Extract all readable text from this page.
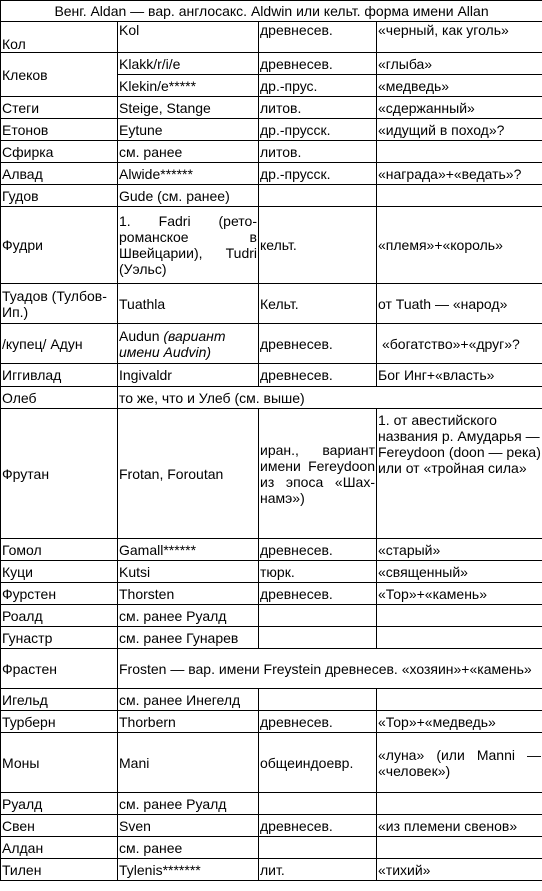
Венг. Aldan — вар. англосакс. Aldwin или кельт. форма имени Allan			
Кол	Kol	древнесев.	«черный, как уголь»
Клеков	Klakk/r/i/e	древнесев.	«глыба»
	Klekin/e*****	др.-прус.	«медведь»
Стеги	Steige, Stange	литов.	«сдержанный»
Етонов	Eytune	др.-прусск.	«идущий в поход»?
Сфирка	см. ранее	литов.	
Алвад	Alwide******	др.-прусск.	«награда»+«ведать»?
Гудов	Gude (см. ранее)		
Фудри	1. Fadri (рето-романское в Швейцарии), Tudri (Уэльс)	кельт.	«племя»+«король»
Туадов (Тулбов-Ип.)	Tuathla	Кельт.	от Tuath — «народ»
/купец/ Адун	Audun (вариант имени Audvin)	древнесев.	«богатство»+«друг»?
Иггивлад	Ingivaldr	древнесев.	Бог Инг+«власть»
Олеб	то же, что и Улеб (см. выше)		
Фрутан	Frotan, Foroutan	иран., вариант имени Fereydoon из эпоса «Шах-намэ»)	1. от авестийского названия р. Амударья — Fereydoon (doon — река) или от «тройная сила»
Гомол	Gamall******	древнесев.	«старый»
Куци	Kutsi	тюрк.	«священный»
Фурстен	Thorsten	древнесев.	«Тор»+«камень»
Роалд	см. ранее Руалд		
Гунастр	см. ранее Гунарев		
Фрастен	Frosten — вар. имени Freystein древнесев. «хозяин»+«камень»		
Игельд	см. ранее Инегелд		
Турберн	Thorbern	древнесев.	«Тор»+«медведь»
Моны	Mani	общеиндоевр.	«луна» (или Manni — «человек»)
Руалд	см. ранее Руалд		
Свен	Sven	древнесев.	«из племени свенов»
Алдан	см. ранее		
Тилен	Tylenis*******	лит.	«тихий»
